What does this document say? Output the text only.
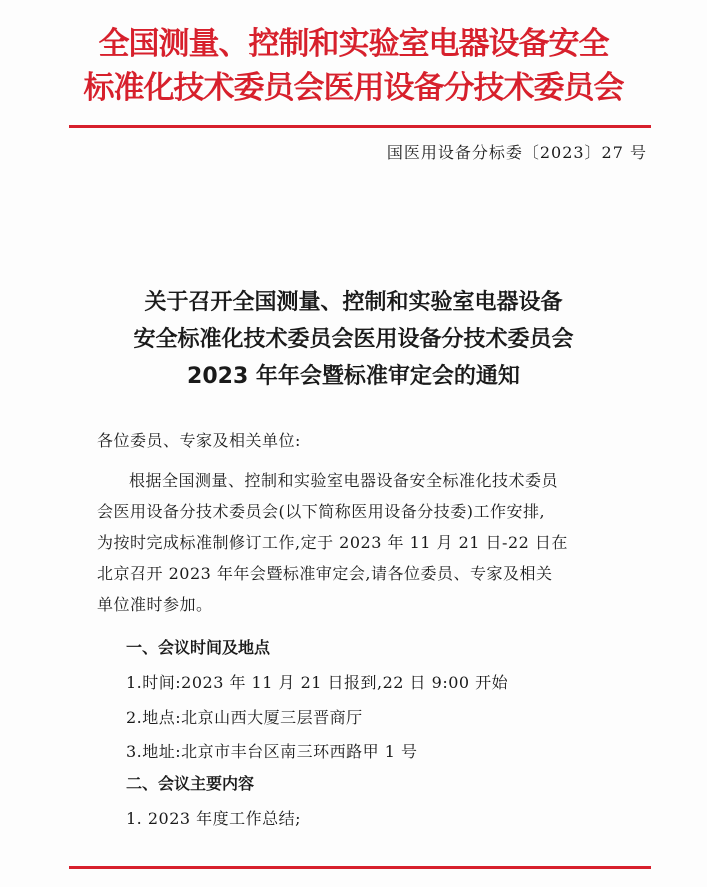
全国测量、控制和实验室电器设备安全
标准化技术委员会医用设备分技术委员会
国医用设备分标委〔2023〕27 号
关于召开全国测量、控制和实验室电器设备
安全标准化技术委员会医用设备分技术委员会
2023 年年会暨标准审定会的通知
各位委员、专家及相关单位:
根据全国测量、控制和实验室电器设备安全标准化技术委员
会医用设备分技术委员会(以下简称医用设备分技委)工作安排,
为按时完成标准制修订工作,定于 2023 年 11 月 21 日-22 日在
北京召开 2023 年年会暨标准审定会,请各位委员、专家及相关
单位准时参加。
一、会议时间及地点
1.时间:2023 年 11 月 21 日报到,22 日 9:00 开始
2.地点:北京山西大厦三层晋商厅
3.地址:北京市丰台区南三环西路甲 1 号
二、会议主要内容
1. 2023 年度工作总结;
